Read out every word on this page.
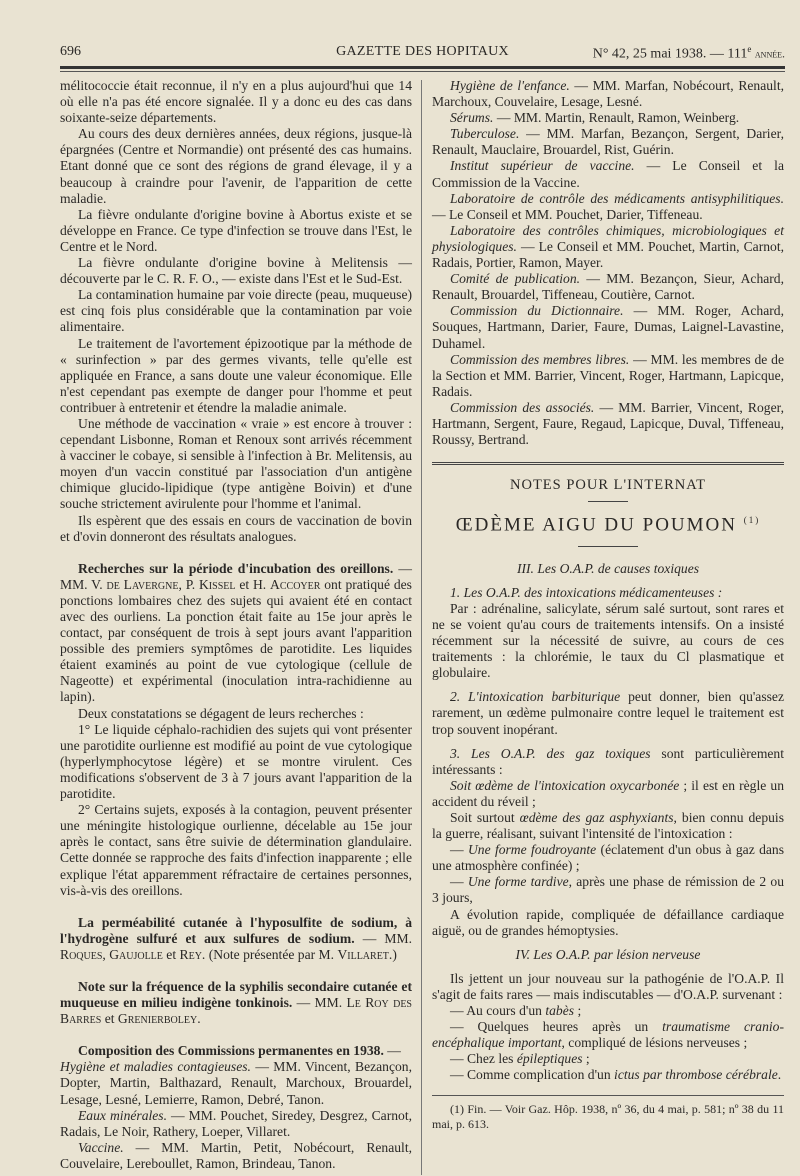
696	GAZETTE DES HOPITAUX	N° 42, 25 mai 1938. — 111e année.

mélitococcie était reconnue, il n'y en a plus aujourd'hui que 14 où elle n'a pas été encore signalée. Il y a donc eu des cas dans soixante-seize départements.

Au cours des deux dernières années, deux régions, jusque-là épargnées (Centre et Normandie) ont présenté des cas humains. Etant donné que ce sont des régions de grand élevage, il y a beaucoup à craindre pour l'avenir, de l'apparition de cette maladie.

La fièvre ondulante d'origine bovine à Abortus existe et se développe en France. Ce type d'infection se trouve dans l'Est, le Centre et le Nord.

La fièvre ondulante d'origine bovine à Melitensis — découverte par le C. R. F. O., — existe dans l'Est et le Sud-Est.

La contamination humaine par voie directe (peau, muqueuse) est cinq fois plus considérable que la contamination par voie alimentaire.

Le traitement de l'avortement épizootique par la méthode de « surinfection » par des germes vivants, telle qu'elle est appliquée en France, a sans doute une valeur économique. Elle n'est cependant pas exempte de danger pour l'homme et peut contribuer à entretenir et étendre la maladie animale.

Une méthode de vaccination « vraie » est encore à trouver : cependant Lisbonne, Roman et Renoux sont arrivés récemment à vacciner le cobaye, si sensible à l'infection à Br. Melitensis, au moyen d'un vaccin constitué par l'association d'un antigène chimique glucido-lipidique (type antigène Boivin) et d'une souche strictement avirulente pour l'homme et l'animal.

Ils espèrent que des essais en cours de vaccination de bovin et d'ovin donneront des résultats analogues.

Recherches sur la période d'incubation des oreillons. — MM. V. de Lavergne, P. Kissel et H. Accoyer ont pratiqué des ponctions lombaires chez des sujets qui avaient été en contact avec des ourliens. La ponction était faite au 15e jour après le contact, par conséquent de trois à sept jours avant l'apparition possible des premiers symptômes de parotidite. Les liquides étaient examinés au point de vue cytologique (cellule de Nageotte) et expérimental (inoculation intra-rachidienne au lapin).

Deux constatations se dégagent de leurs recherches :

1° Le liquide céphalo-rachidien des sujets qui vont présenter une parotidite ourlienne est modifié au point de vue cytologique (hyperlymphocytose légère) et se montre virulent. Ces modifications s'observent de 3 à 7 jours avant l'apparition de la parotidite.

2° Certains sujets, exposés à la contagion, peuvent présenter une méningite histologique ourlienne, décelable au 15e jour après le contact, sans être suivie de détermination glandulaire. Cette donnée se rapproche des faits d'infection inapparente ; elle explique l'état apparemment réfractaire de certaines personnes, vis-à-vis des oreillons.

La perméabilité cutanée à l'hyposulfite de sodium, à l'hydrogène sulfuré et aux sulfures de sodium. — MM. Roques, Gaujolle et Rey. (Note présentée par M. Villaret.)

Note sur la fréquence de la syphilis secondaire cutanée et muqueuse en milieu indigène tonkinois. — MM. Le Roy des Barres et Grenierboley.

Composition des Commissions permanentes en 1938. —

Hygiène et maladies contagieuses. — MM. Vincent, Bezançon, Dopter, Martin, Balthazard, Renault, Marchoux, Brouardel, Lesage, Lesné, Lemierre, Ramon, Debré, Tanon.

Eaux minérales. — MM. Pouchet, Siredey, Desgrez, Carnot, Radais, Le Noir, Rathery, Loeper, Villaret.

Vaccine. — MM. Martin, Petit, Nobécourt, Renault, Couvelaire, Lereboullet, Ramon, Brindeau, Tanon.

Hygiène de l'enfance. — MM. Marfan, Nobécourt, Renault, Marchoux, Couvelaire, Lesage, Lesné.

Sérums. — MM. Martin, Renault, Ramon, Weinberg.

Tuberculose. — MM. Marfan, Bezançon, Sergent, Darier, Renault, Mauclaire, Brouardel, Rist, Guérin.

Institut supérieur de vaccine. — Le Conseil et la Commission de la Vaccine.

Laboratoire de contrôle des médicaments antisyphilitiques. — Le Conseil et MM. Pouchet, Darier, Tiffeneau.

Laboratoire des contrôles chimiques, microbiologiques et physiologiques. — Le Conseil et MM. Pouchet, Martin, Carnot, Radais, Portier, Ramon, Mayer.

Comité de publication. — MM. Bezançon, Sieur, Achard, Renault, Brouardel, Tiffeneau, Coutière, Carnot.

Commission du Dictionnaire. — MM. Roger, Achard, Souques, Hartmann, Darier, Faure, Dumas, Laignel-Lavastine, Duhamel.

Commission des membres libres. — MM. les membres de de la Section et MM. Barrier, Vincent, Roger, Hartmann, Lapicque, Radais.

Commission des associés. — MM. Barrier, Vincent, Roger, Hartmann, Sergent, Faure, Regaud, Lapicque, Duval, Tiffeneau, Roussy, Bertrand.

NOTES POUR L'INTERNAT

ŒDÈME AIGU DU POUMON $^{(1)}$

III. Les O.A.P. de causes toxiques

1. Les O.A.P. des intoxications médicamenteuses :

Par : adrénaline, salicylate, sérum salé surtout, sont rares et ne se voient qu'au cours de traitements intensifs. On a insisté récemment sur la nécessité de suivre, au cours de ces traitements : la chlorémie, le taux du Cl plasmatique et globulaire.

2. L'intoxication barbiturique peut donner, bien qu'assez rarement, un œdème pulmonaire contre lequel le traitement est trop souvent inopérant.

3. Les O.A.P. des gaz toxiques sont particulièrement intéressants :

Soit œdème de l'intoxication oxycarbonée ; il est en règle un accident du réveil ;

Soit surtout œdème des gaz asphyxiants, bien connu depuis la guerre, réalisant, suivant l'intensité de l'intoxication :

— Une forme foudroyante (éclatement d'un obus à gaz dans une atmosphère confinée) ;

— Une forme tardive, après une phase de rémission de 2 ou 3 jours,

A évolution rapide, compliquée de défaillance cardiaque aiguë, ou de grandes hémoptysies.

IV. Les O.A.P. par lésion nerveuse

Ils jettent un jour nouveau sur la pathogénie de l'O.A.P. Il s'agit de faits rares — mais indiscutables — d'O.A.P. survenant :

— Au cours d'un tabès ;

— Quelques heures après un traumatisme cranio-encéphalique important, compliqué de lésions nerveuses ;

— Chez les épileptiques ;

— Comme complication d'un ictus par thrombose cérébrale.

(1) Fin. — Voir Gaz. Hôp. 1938, nº 36, du 4 mai, p. 581; nº 38 du 11 mai, p. 613.
